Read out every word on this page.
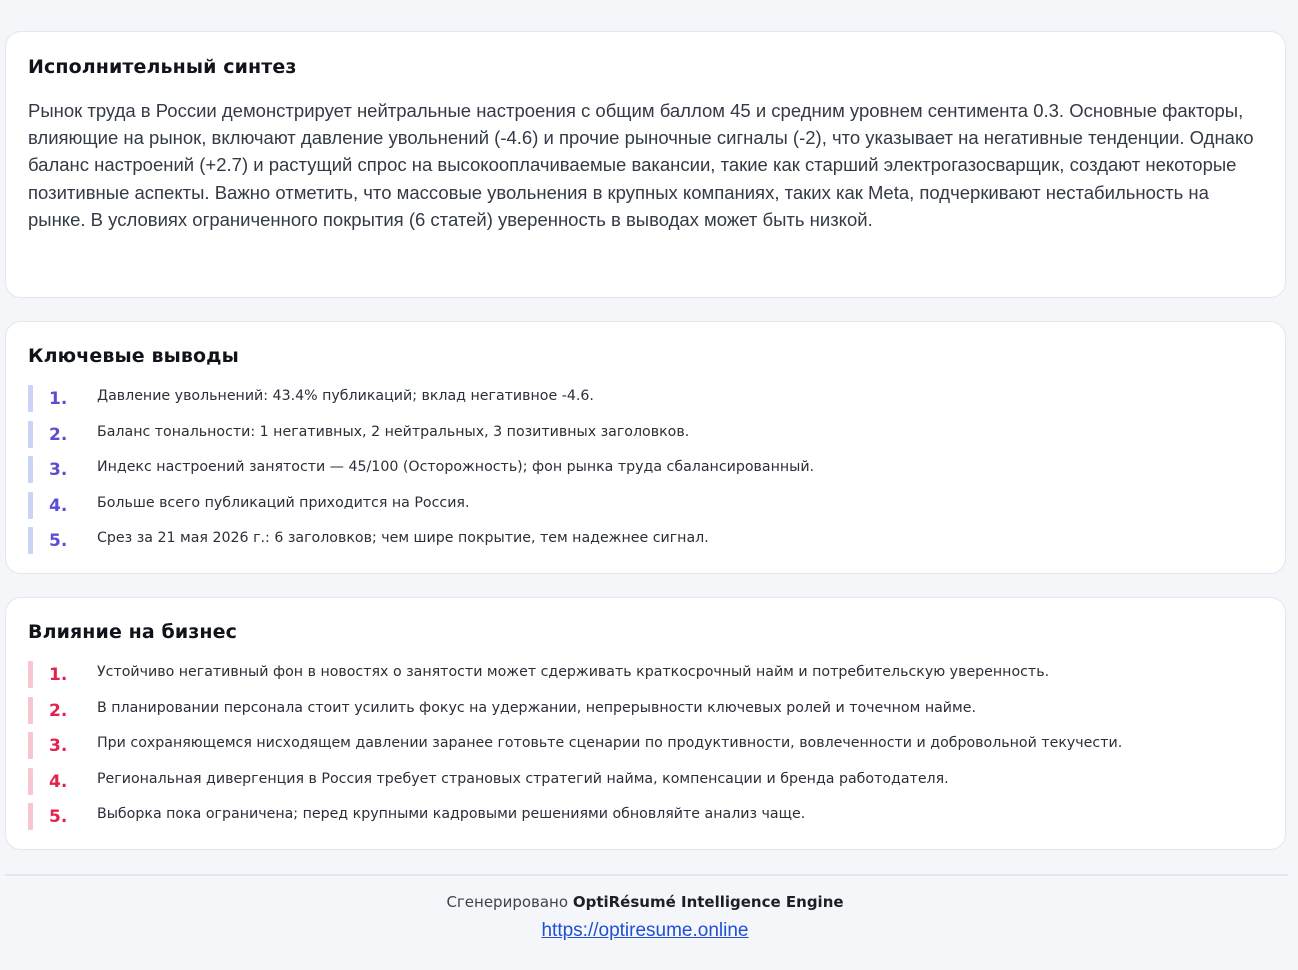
Исполнительный синтез

Рынок труда в России демонстрирует нейтральные настроения с общим баллом 45 и средним уровнем сентимента 0.3. Основные факторы, влияющие на рынок, включают давление увольнений (-4.6) и прочие рыночные сигналы (-2), что указывает на негативные тенденции. Однако баланс настроений (+2.7) и растущий спрос на высокооплачиваемые вакансии, такие как старший электрогазосварщик, создают некоторые позитивные аспекты. Важно отметить, что массовые увольнения в крупных компаниях, таких как Meta, подчеркивают нестабильность на рынке. В условиях ограниченного покрытия (6 статей) уверенность в выводах может быть низкой.

Ключевые выводы
1. Давление увольнений: 43.4% публикаций; вклад негативное -4.6.
2. Баланс тональности: 1 негативных, 2 нейтральных, 3 позитивных заголовков.
3. Индекс настроений занятости — 45/100 (Осторожность); фон рынка труда сбалансированный.
4. Больше всего публикаций приходится на Россия.
5. Срез за 21 мая 2026 г.: 6 заголовков; чем шире покрытие, тем надежнее сигнал.
Влияние на бизнес
1. Устойчиво негативный фон в новостях о занятости может сдерживать краткосрочный найм и потребительскую уверенность.
2. В планировании персонала стоит усилить фокус на удержании, непрерывности ключевых ролей и точечном найме.
3. При сохраняющемся нисходящем давлении заранее готовьте сценарии по продуктивности, вовлеченности и добровольной текучести.
4. Региональная дивергенция в Россия требует страновых стратегий найма, компенсации и бренда работодателя.
5. Выборка пока ограничена; перед крупными кадровыми решениями обновляйте анализ чаще.
Сгенерировано OptiRésumé Intelligence Engine
https://optiresume.online
